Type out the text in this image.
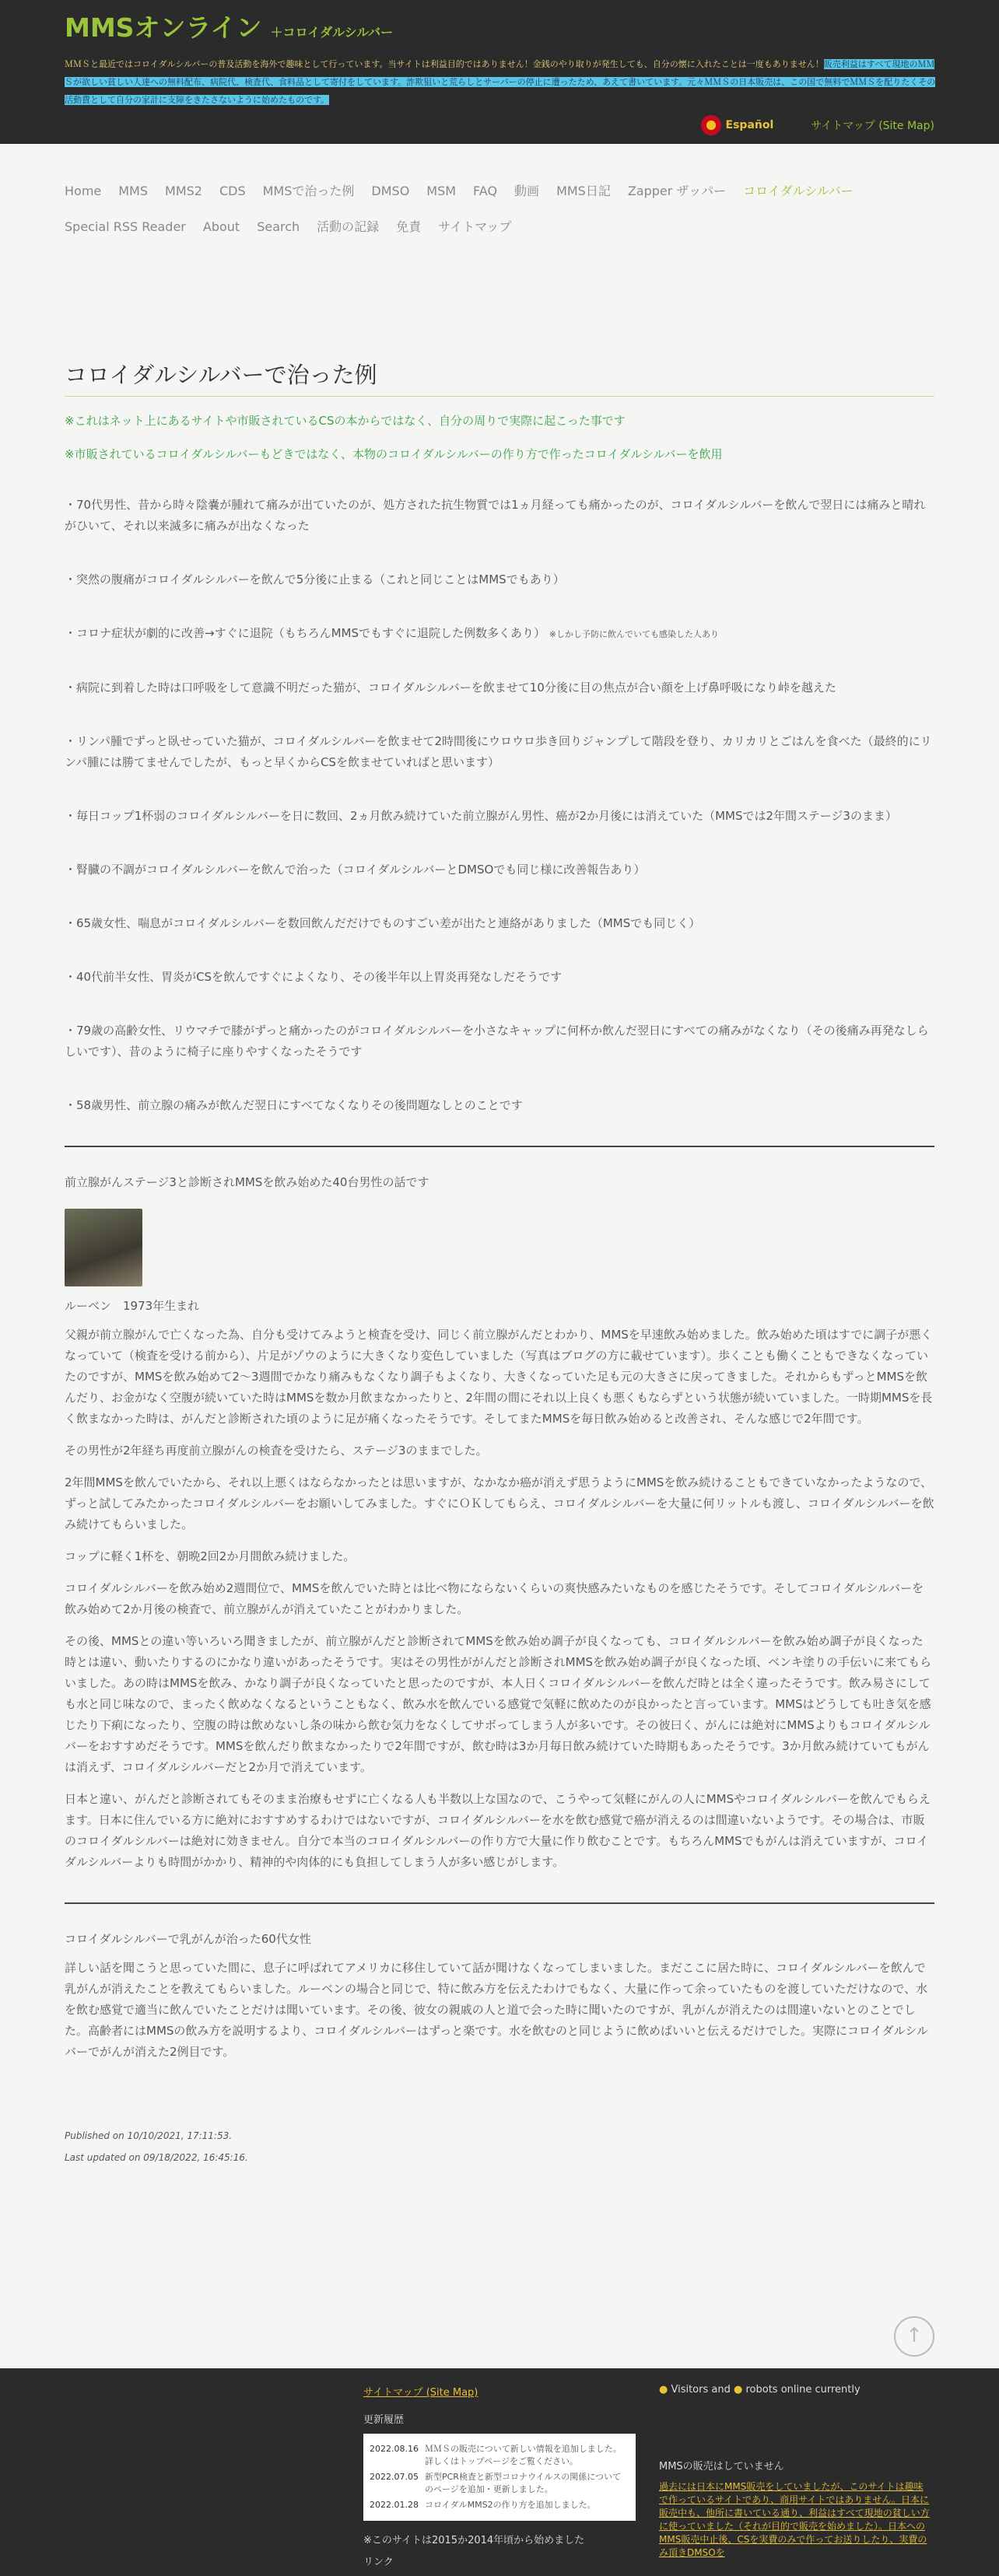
MMSオンライン ＋コロイダルシルバー
ＭＭＳと最近ではコロイダルシルバーの普及活動を海外で趣味として行っています。当サイトは利益目的ではありません！金銭のやり取りが発生しても、自分の懐に入れたことは一度もありません！販売利益はすべて現地のＭＭＳが欲しい貧しい人達への無料配布、病院代、検査代、食料品として寄付をしています。詐欺狙いと荒らしとサーバーの停止に遭ったため、あえて書いています。元々ＭＭＳの日本販売は、この国で無料でＭＭＳを配りたくその活動費として自分の家計に支障をきたさないように始めたものです。
Español	サイトマップ (Site Map)
Home MMS MMS2 CDS MMSで治った例 DMSO MSM FAQ 動画 MMS日記 Zapper ザッパー コロイダルシルバー
Special RSS Reader About Search 活動の記録 免責 サイトマップ
コロイダルシルバーで治った例

※これはネット上にあるサイトや市販されているCSの本からではなく、自分の周りで実際に起こった事です

※市販されているコロイダルシルバーもどきではなく、本物のコロイダルシルバーの作り方で作ったコロイダルシルバーを飲用

・70代男性、昔から時々陰嚢が腫れて痛みが出ていたのが、処方された抗生物質では1ヵ月経っても痛かったのが、コロイダルシルバーを飲んで翌日には痛みと晴れがひいて、それ以来滅多に痛みが出なくなった

・突然の腹痛がコロイダルシルバーを飲んで5分後に止まる（これと同じことはMMSでもあり）

・コロナ症状が劇的に改善→すぐに退院（もちろんMMSでもすぐに退院した例数多くあり） ※しかし予防に飲んでいても感染した人あり

・病院に到着した時は口呼吸をして意識不明だった猫が、コロイダルシルバーを飲ませて10分後に目の焦点が合い顔を上げ鼻呼吸になり峠を越えた

・リンパ腫でずっと臥せっていた猫が、コロイダルシルバーを飲ませて2時間後にウロウロ歩き回りジャンプして階段を登り、カリカリとごはんを食べた（最終的にリンパ腫には勝てませんでしたが、もっと早くからCSを飲ませていればと思います）

・毎日コップ1杯弱のコロイダルシルバーを日に数回、2ヵ月飲み続けていた前立腺がん男性、癌が2か月後には消えていた（MMSでは2年間ステージ3のまま）

・腎臓の不調がコロイダルシルバーを飲んで治った（コロイダルシルバーとDMSOでも同じ様に改善報告あり）

・65歳女性、喘息がコロイダルシルバーを数回飲んだだけでものすごい差が出たと連絡がありました（MMSでも同じく）

・40代前半女性、胃炎がCSを飲んですぐによくなり、その後半年以上胃炎再発なしだそうです

・79歳の高齢女性、リウマチで膝がずっと痛かったのがコロイダルシルバーを小さなキャップに何杯か飲んだ翌日にすべての痛みがなくなり（その後痛み再発なしらしいです）、昔のように椅子に座りやすくなったそうです

・58歳男性、前立腺の痛みが飲んだ翌日にすべてなくなりその後問題なしとのことです

前立腺がんステージ3と診断されMMSを飲み始めた40台男性の話です

ルーベン　1973年生まれ

父親が前立腺がんで亡くなった為、自分も受けてみようと検査を受け、同じく前立腺がんだとわかり、MMSを早速飲み始めました。飲み始めた頃はすでに調子が悪くなっていて（検査を受ける前から）、片足がゾウのように大きくなり変色していました（写真はブログの方に載せています）。歩くことも働くこともできなくなっていたのですが、MMSを飲み始めて2〜3週間でかなり痛みもなくなり調子もよくなり、大きくなっていた足も元の大きさに戻ってきました。それからもずっとMMSを飲んだり、お金がなく空腹が続いていた時はMMSを数か月飲まなかったりと、2年間の間にそれ以上良くも悪くもならずという状態が続いていました。一時期MMSを長く飲まなかった時は、がんだと診断された頃のように足が痛くなったそうです。そしてまたMMSを毎日飲み始めると改善され、そんな感じで2年間です。

その男性が2年経ち再度前立腺がんの検査を受けたら、ステージ3のままでした。

2年間MMSを飲んでいたから、それ以上悪くはならなかったとは思いますが、なかなか癌が消えず思うようにMMSを飲み続けることもできていなかったようなので、ずっと試してみたかったコロイダルシルバーをお願いしてみました。すぐにＯＫしてもらえ、コロイダルシルバーを大量に何リットルも渡し、コロイダルシルバーを飲み続けてもらいました。

コップに軽く1杯を、朝晩2回2か月間飲み続けました。

コロイダルシルバーを飲み始め2週間位で、MMSを飲んでいた時とは比べ物にならないくらいの爽快感みたいなものを感じたそうです。そしてコロイダルシルバーを飲み始めて2か月後の検査で、前立腺がんが消えていたことがわかりました。

その後、MMSとの違い等いろいろ聞きましたが、前立腺がんだと診断されてMMSを飲み始め調子が良くなっても、コロイダルシルバーを飲み始め調子が良くなった時とは違い、動いたりするのにかなり違いがあったそうです。実はその男性ががんだと診断されMMSを飲み始め調子が良くなった頃、ベンキ塗りの手伝いに来てもらいました。あの時はMMSを飲み、かなり調子が良くなっていたと思ったのですが、本人日くコロイダルシルバーを飲んだ時とは全く違ったそうです。飲み易さにしても水と同じ味なので、まったく飲めなくなるということもなく、飲み水を飲んでいる感覚で気軽に飲めたのが良かったと言っています。MMSはどうしても吐き気を感じたり下痢になったり、空腹の時は飲めないし条の味から飲む気力をなくしてサボってしまう人が多いです。その彼曰く、がんには絶対にMMSよりもコロイダルシルバーをおすすめだそうです。MMSを飲んだり飲まなかったりで2年間ですが、飲む時は3か月毎日飲み続けていた時期もあったそうです。3か月飲み続けていてもがんは消えず、コロイダルシルバーだと2か月で消えています。

日本と違い、がんだと診断されてもそのまま治療もせずに亡くなる人も半数以上な国なので、こうやって気軽にがんの人にMMSやコロイダルシルバーを飲んでもらえます。日本に住んでいる方に絶対におすすめするわけではないですが、コロイダルシルバーを水を飲む感覚で癌が消えるのは間違いないようです。その場合は、市販のコロイダルシルバーは絶対に効きません。自分で本当のコロイダルシルバーの作り方で大量に作り飲むことです。もちろんMMSでもがんは消えていますが、コロイダルシルバーよりも時間がかかり、精神的や肉体的にも負担してしまう人が多い感じがします。

コロイダルシルバーで乳がんが治った60代女性

詳しい話を聞こうと思っていた間に、息子に呼ばれてアメリカに移住していて話が聞けなくなってしまいました。まだここに居た時に、コロイダルシルバーを飲んで乳がんが消えたことを教えてもらいました。ルーベンの場合と同じで、特に飲み方を伝えたわけでもなく、大量に作って余っていたものを渡していただけなので、水を飲む感覚で適当に飲んでいたことだけは聞いています。その後、彼女の親戚の人と道で会った時に聞いたのですが、乳がんが消えたのは間違いないとのことでした。高齢者にはMMSの飲み方を説明するより、コロイダルシルバーはずっと楽です。水を飲むのと同じように飲めばいいと伝えるだけでした。実際にコロイダルシルバーでがんが消えた2例目です。

Published on 10/10/2021, 17:11:53.
Last updated on 09/18/2022, 16:45:16.
↑
サイトマップ (Site Map)
更新履歴
2022.08.16 ＭＭＳの販売について新しい情報を追加しました。詳しくはトップページをご覧ください。
2022.07.05 新型PCR検査と新型コロナウイルスの関係についてのページを追加・更新しました。
2022.01.28 コロイダルMMS2の作り方を追加しました。
※このサイトは2015か2014年頃から始めました
リンク
● Visitors and ● robots online currently
MMSの販売はしていません
過去には日本にMMS販売をしていましたが、このサイトは趣味で作っているサイトであり、商用サイトではありません。日本に販売中も、他所に書いている通り、利益はすべて現地の貧しい方に使っていました（それが目的で販売を始めました）。日本へのMMS販売中止後、CSを実費のみで作ってお送りしたり、実費のみ頂きDMSOを
